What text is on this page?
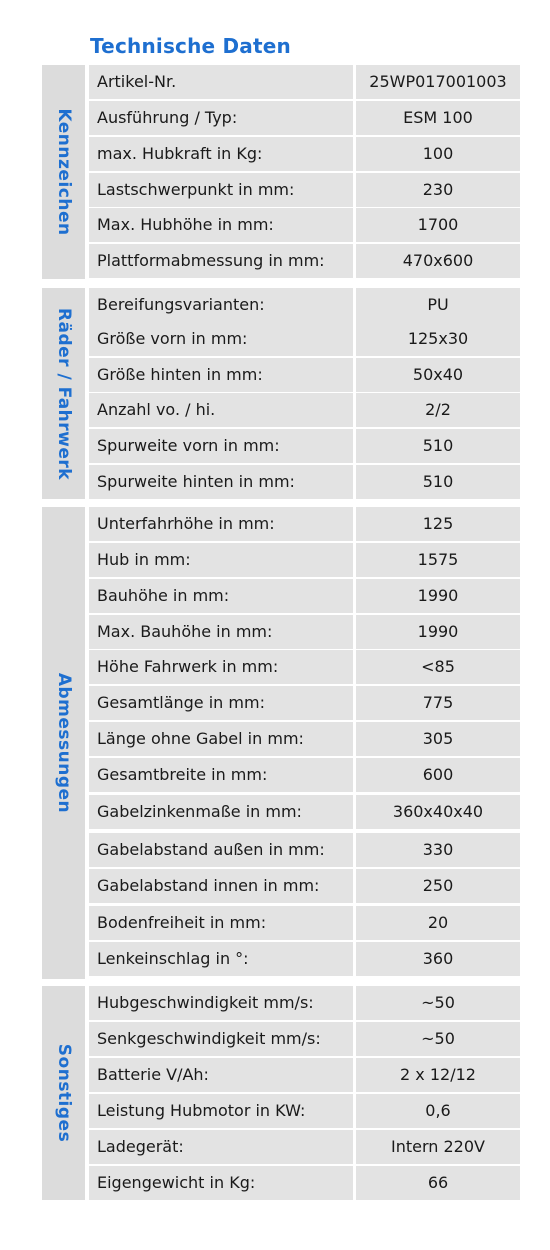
Technische Daten
Kennzeichen
Artikel-Nr.	25WP017001003
Ausführung / Typ:	ESM 100
max. Hubkraft in Kg:	100
Lastschwerpunkt in mm:	230
Max. Hubhöhe in mm:	1700
Plattformabmessung in mm:	470x600
Räder / Fahrwerk
Bereifungsvarianten:	PU
Größe vorn in mm:	125x30
Größe hinten in mm:	50x40
Anzahl vo. / hi.	2/2
Spurweite vorn in mm:	510
Spurweite hinten in mm:	510
Abmessungen
Unterfahrhöhe in mm:	125
Hub in mm:	1575
Bauhöhe in mm:	1990
Max. Bauhöhe in mm:	1990
Höhe Fahrwerk in mm:	<85
Gesamtlänge in mm:	775
Länge ohne Gabel in mm:	305
Gesamtbreite in mm:	600
Gabelzinkenmaße in mm:	360x40x40
Gabelabstand außen in mm:	330
Gabelabstand innen in mm:	250
Bodenfreiheit in mm:	20
Lenkeinschlag in °:	360
Sonstiges
Hubgeschwindigkeit mm/s:	~50
Senkgeschwindigkeit mm/s:	~50
Batterie V/Ah:	2 x 12/12
Leistung Hubmotor in KW:	0,6
Ladegerät:	Intern 220V
Eigengewicht in Kg:	66
